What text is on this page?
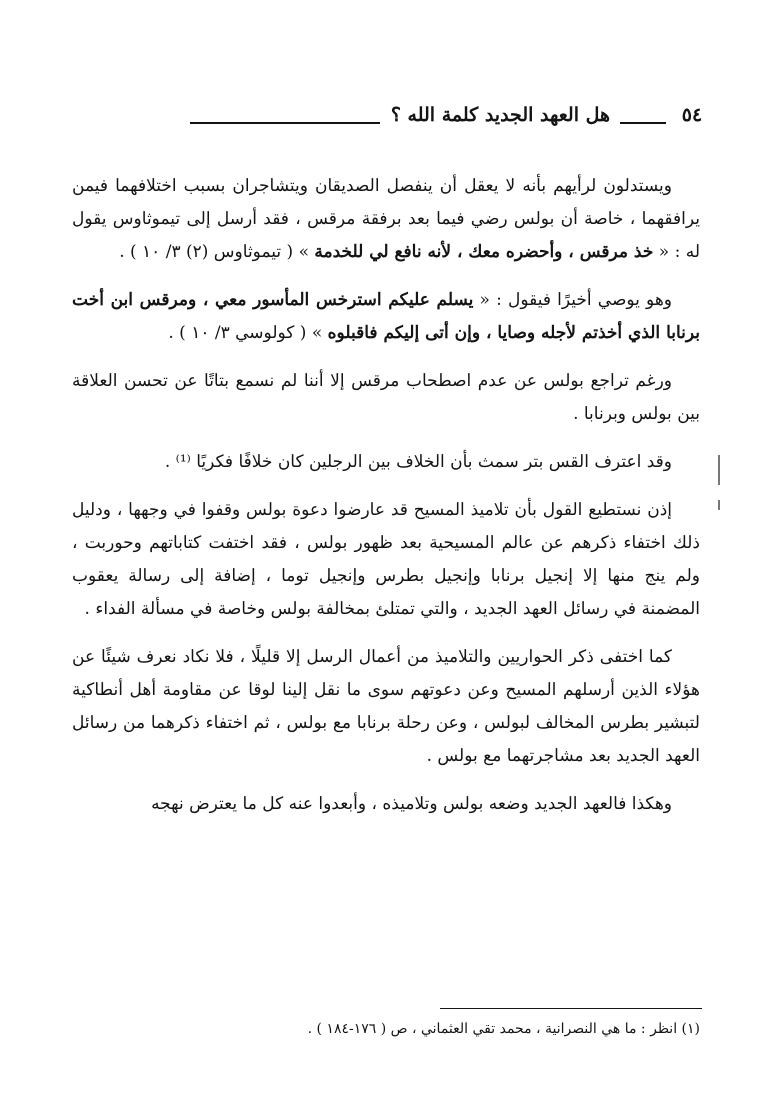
هل العهد الجديد كلمة الله ؟	٥٤

ويستدلون لرأيهم بأنه لا يعقل أن ينفصل الصديقان ويتشاجران بسبب اختلافهما فيمن يرافقهما ، خاصة أن بولس رضي فيما بعد برفقة مرقس ، فقد أرسل إلى تيموثاوس يقول له : « خذ مرقس ، وأحضره معك ، لأنه نافع لي للخدمة » ( تيموثاوس (٢) ٣/ ١٠ ) .

وهو يوصي أخيرًا فيقول : « يسلم عليكم استرخس المأسور معي ، ومرقس ابن أخت برنابا الذي أخذتم لأجله وصايا ، وإن أتى إليكم فاقبلوه » ( كولوسي ٣/ ١٠ ) .

ورغم تراجع بولس عن عدم اصطحاب مرقس إلا أننا لم نسمع بتاتًا عن تحسن العلاقة بين بولس وبرنابا .

وقد اعترف القس بتر سمث بأن الخلاف بين الرجلين كان خلافًا فكريًا ⁽¹⁾ .

إذن نستطيع القول بأن تلاميذ المسيح قد عارضوا دعوة بولس وقفوا في وجهها ، ودليل ذلك اختفاء ذكرهم عن عالم المسيحية بعد ظهور بولس ، فقد اختفت كتاباتهم وحوربت ، ولم ينج منها إلا إنجيل برنابا وإنجيل بطرس وإنجيل توما ، إضافة إلى رسالة يعقوب المضمنة في رسائل العهد الجديد ، والتي تمتلئ بمخالفة بولس وخاصة في مسألة الفداء .

كما اختفى ذكر الحواريين والتلاميذ من أعمال الرسل إلا قليلًا ، فلا نكاد نعرف شيئًا عن هؤلاء الذين أرسلهم المسيح وعن دعوتهم سوى ما نقل إلينا لوقا عن مقاومة أهل أنطاكية لتبشير بطرس المخالف لبولس ، وعن رحلة برنابا مع بولس ، ثم اختفاء ذكرهما من رسائل العهد الجديد بعد مشاجرتهما مع بولس .

وهكذا فالعهد الجديد وضعه بولس وتلاميذه ، وأبعدوا عنه كل ما يعترض نهجه

(١) انظر : ما هي النصرانية ، محمد تقي العثماني ، ص ( ١٧٦-١٨٤ ) .
